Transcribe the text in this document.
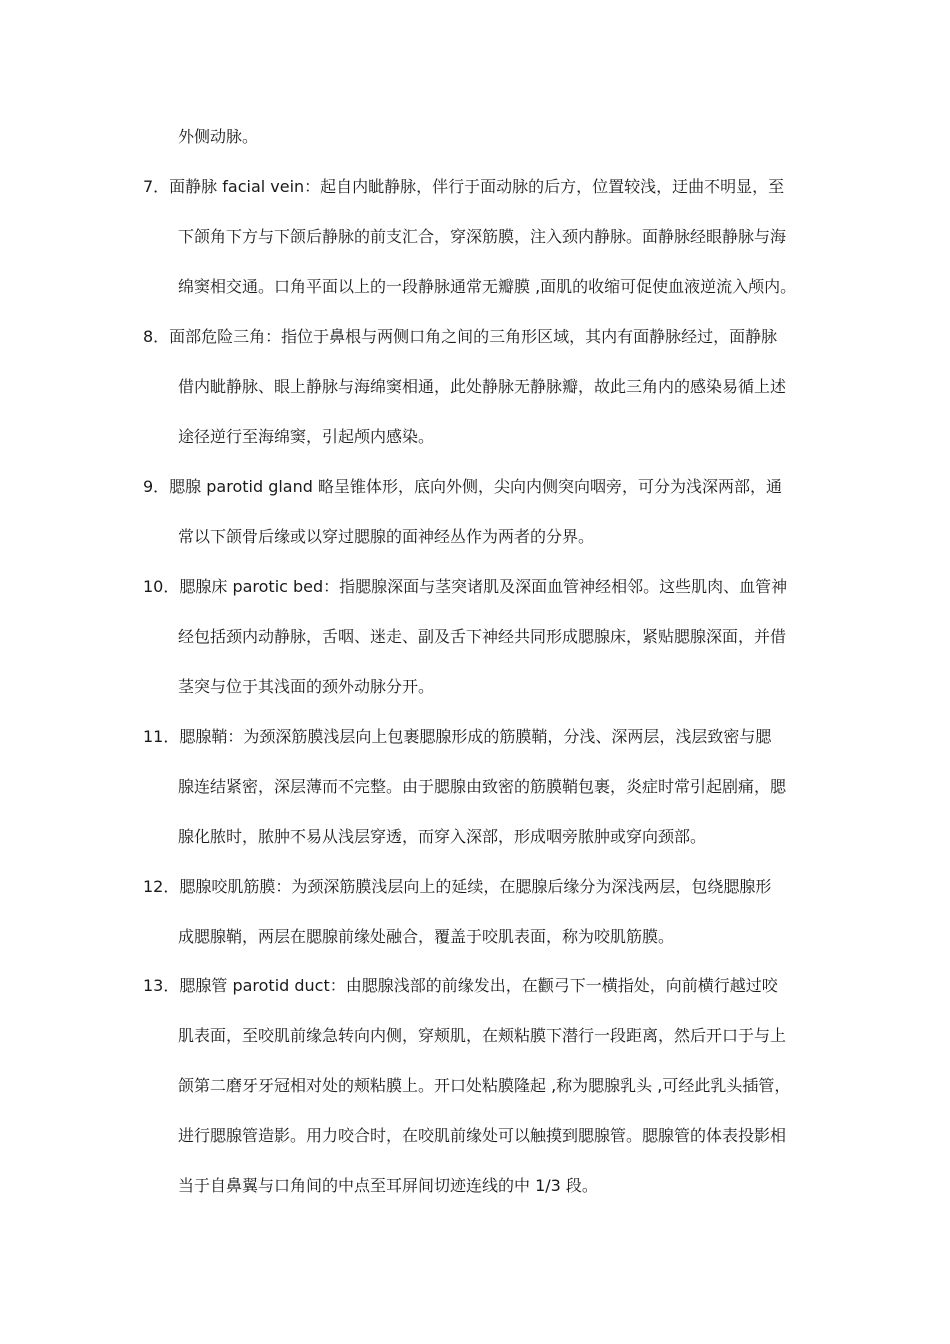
外侧动脉。
7．面静脉 facial vein：起自内眦静脉，伴行于面动脉的后方，位置较浅，迂曲不明显，至
下颌角下方与下颌后静脉的前支汇合，穿深筋膜，注入颈内静脉。面静脉经眼静脉与海
绵窦相交通。口角平面以上的一段静脉通常无瓣膜 ,面肌的收缩可促使血液逆流入颅内。
8．面部危险三角：指位于鼻根与两侧口角之间的三角形区域，其内有面静脉经过，面静脉
借内眦静脉、眼上静脉与海绵窦相通，此处静脉无静脉瓣，故此三角内的感染易循上述
途径逆行至海绵窦，引起颅内感染。
9．腮腺 parotid gland 略呈锥体形，底向外侧，尖向内侧突向咽旁，可分为浅深两部，通
常以下颌骨后缘或以穿过腮腺的面神经丛作为两者的分界。
10．腮腺床 parotic bed：指腮腺深面与茎突诸肌及深面血管神经相邻。这些肌肉、血管神
经包括颈内动静脉，舌咽、迷走、副及舌下神经共同形成腮腺床，紧贴腮腺深面，并借
茎突与位于其浅面的颈外动脉分开。
11．腮腺鞘：为颈深筋膜浅层向上包裹腮腺形成的筋膜鞘，分浅、深两层，浅层致密与腮
腺连结紧密，深层薄而不完整。由于腮腺由致密的筋膜鞘包裹，炎症时常引起剧痛，腮
腺化脓时，脓肿不易从浅层穿透，而穿入深部，形成咽旁脓肿或穿向颈部。
12．腮腺咬肌筋膜：为颈深筋膜浅层向上的延续，在腮腺后缘分为深浅两层，包绕腮腺形
成腮腺鞘，两层在腮腺前缘处融合，覆盖于咬肌表面，称为咬肌筋膜。
13．腮腺管 parotid duct：由腮腺浅部的前缘发出，在颧弓下一横指处，向前横行越过咬
肌表面，至咬肌前缘急转向内侧，穿颊肌，在颊粘膜下潜行一段距离，然后开口于与上
颌第二磨牙牙冠相对处的颊粘膜上。开口处粘膜隆起 ,称为腮腺乳头 ,可经此乳头插管，
进行腮腺管造影。用力咬合时，在咬肌前缘处可以触摸到腮腺管。腮腺管的体表投影相
当于自鼻翼与口角间的中点至耳屏间切迹连线的中 1/3 段。
